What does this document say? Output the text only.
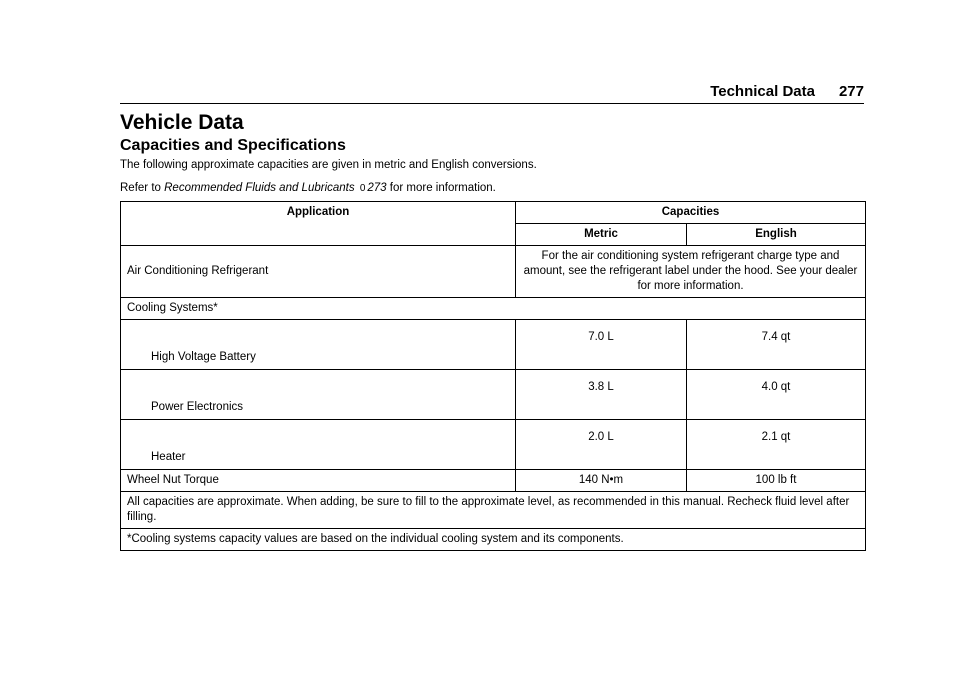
Technical Data 277
Vehicle Data
Capacities and Specifications

The following approximate capacities are given in metric and English conversions.

Refer to Recommended Fluids and Lubricants 0 273 for more information.

Application	Capacities	
	Metric	English
Air Conditioning Refrigerant	For the air conditioning system refrigerant charge type and amount, see the refrigerant label under the hood. See your dealer for more information.	
Cooling Systems*		
High Voltage Battery	7.0 L	7.4 qt
Power Electronics	3.8 L	4.0 qt
Heater	2.0 L	2.1 qt
Wheel Nut Torque	140 N•m	100 lb ft
All capacities are approximate. When adding, be sure to fill to the approximate level, as recommended in this manual. Recheck fluid level after filling.		
*Cooling systems capacity values are based on the individual cooling system and its components.		
